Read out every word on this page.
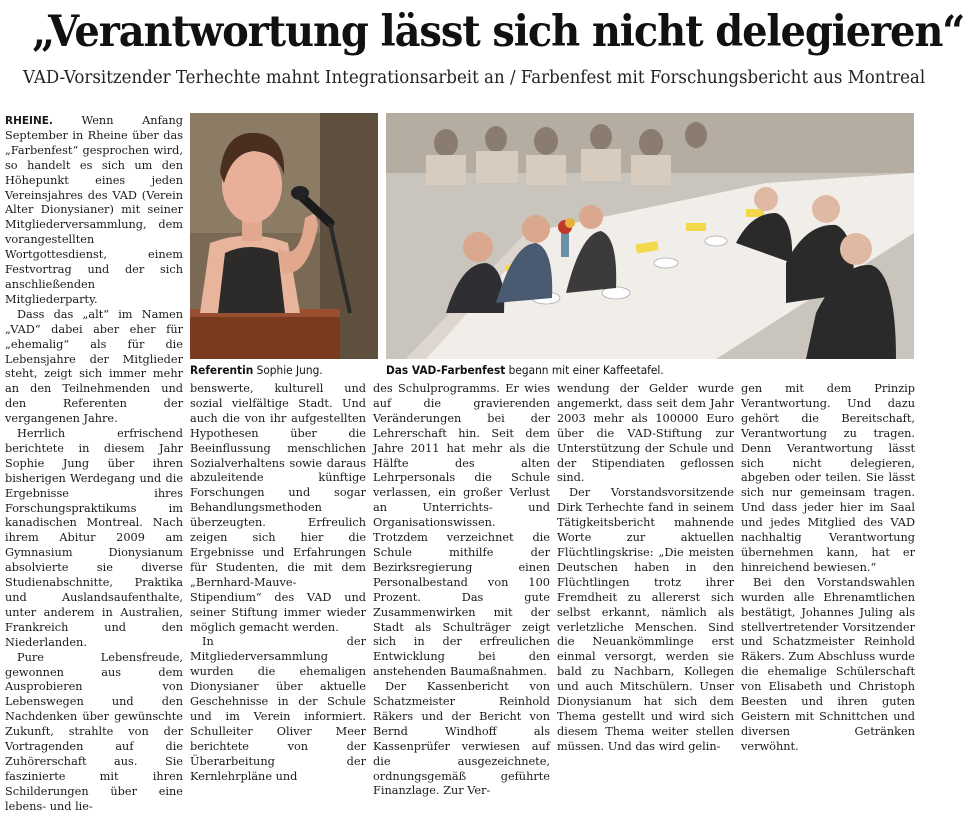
„Verantwortung lässt sich nicht delegieren“
VAD-Vorsitzender Terhechte mahnt Integrationsarbeit an / Farbenfest mit Forschungsbericht aus Montreal
Referentin Sophie Jung.	Das VAD-Farbenfest begann mit einer Kaffeetafel.

RHEINE. Wenn Anfang September in Rheine über das „Farbenfest“ gesprochen wird, so handelt es sich um den Höhepunkt eines jeden Vereinsjahres des VAD (Verein Alter Dionysianer) mit seiner Mitgliederversammlung, dem vorangestellten Wortgottesdienst, einem Festvortrag und der sich anschließenden Mitgliederparty.

Dass das „alt“ im Namen „VAD“ dabei aber eher für „ehemalig“ als für die Lebensjahre der Mitglieder steht, zeigt sich immer mehr an den Teilnehmenden und den Referenten der vergangenen Jahre.

Herrlich erfrischend berichtete in diesem Jahr Sophie Jung über ihren bisherigen Werdegang und die Ergebnisse ihres Forschungspraktikums im kanadischen Montreal. Nach ihrem Abitur 2009 am Gymnasium Dionysianum absolvierte sie diverse Studienabschnitte, Praktika und Auslandsaufenthalte, unter anderem in Australien, Frankreich und den Niederlanden.

Pure Lebensfreude, gewonnen aus dem Ausprobieren von Lebenswegen und den Nachdenken über gewünschte Zukunft, strahlte von der Vortragenden auf die Zuhörerschaft aus. Sie faszinierte mit ihren Schilderungen über eine lebens- und lie-

benswerte, kulturell und sozial vielfältige Stadt. Und auch die von ihr aufgestellten Hypothesen über die Beeinflussung menschlichen Sozialverhaltens sowie daraus abzuleitende künftige Forschungen und sogar Behandlungsmethoden überzeugten. Erfreulich zeigen sich hier die Ergebnisse und Erfahrungen für Studenten, die mit dem „Bernhard-Mauve-Stipendium“ des VAD und seiner Stiftung immer wieder möglich gemacht werden.

In der Mitgliederversammlung wurden die ehemaligen Dionysianer über aktuelle Geschehnisse in der Schule und im Verein informiert. Schulleiter Oliver Meer berichtete von der Überarbeitung der Kernlehrpläne und

des Schulprogramms. Er wies auf die gravierenden Veränderungen bei der Lehrerschaft hin. Seit dem Jahre 2011 hat mehr als die Hälfte des alten Lehrpersonals die Schule verlassen, ein großer Verlust an Unterrichts- und Organisationswissen. Trotzdem verzeichnet die Schule mithilfe der Bezirksregierung einen Personalbestand von 100 Prozent. Das gute Zusammenwirken mit der Stadt als Schulträger zeigt sich in der erfreulichen Entwicklung bei den anstehenden Baumaßnahmen.

Der Kassenbericht von Schatzmeister Reinhold Räkers und der Bericht von Bernd Windhoff als Kassenprüfer verwiesen auf die ausgezeichnete, ordnungsgemäß geführte Finanzlage. Zur Ver-

wendung der Gelder wurde angemerkt, dass seit dem Jahr 2003 mehr als 100000 Euro über die VAD-Stiftung zur Unterstützung der Schule und der Stipendiaten geflossen sind.

Der Vorstandsvorsitzende Dirk Terhechte fand in seinem Tätigkeitsbericht mahnende Worte zur aktuellen Flüchtlingskrise: „Die meisten Deutschen haben in den Flüchtlingen trotz ihrer Fremdheit zu allererst sich selbst erkannt, nämlich als verletzliche Menschen. Sind die Neuankömmlinge erst einmal versorgt, werden sie bald zu Nachbarn, Kollegen und auch Mitschülern. Unser Dionysianum hat sich dem Thema gestellt und wird sich diesem Thema weiter stellen müssen. Und das wird gelin-

gen mit dem Prinzip Verantwortung. Und dazu gehört die Bereitschaft, Verantwortung zu tragen. Denn Verantwortung lässt sich nicht delegieren, abgeben oder teilen. Sie lässt sich nur gemeinsam tragen. Und dass jeder hier im Saal und jedes Mitglied des VAD nachhaltig Verantwortung übernehmen kann, hat er hinreichend bewiesen.“

Bei den Vorstandswahlen wurden alle Ehrenamtlichen bestätigt, Johannes Juling als stellvertretender Vorsitzender und Schatzmeister Reinhold Räkers. Zum Abschluss wurde die ehemalige Schülerschaft von Elisabeth und Christoph Beesten und ihren guten Geistern mit Schnittchen und diversen Getränken verwöhnt.
